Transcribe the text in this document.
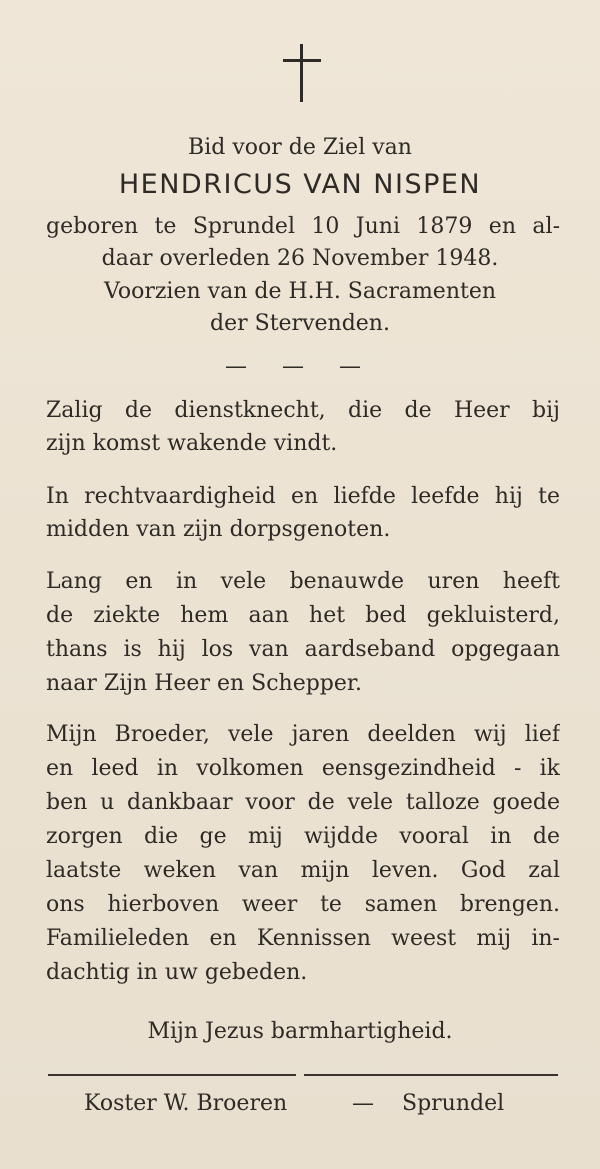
Bid voor de Ziel van
HENDRICUS VAN NISPEN
geboren te Sprundel 10 Juni 1879 en al-
daar overleden 26 November 1948.
Voorzien van de H.H. Sacramenten
der Stervenden.
— — —
Zalig de dienstknecht, die de Heer bij
zijn komst wakende vindt.
In rechtvaardigheid en liefde leefde hij te
midden van zijn dorpsgenoten.
Lang en in vele benauwde uren heeft
de ziekte hem aan het bed gekluisterd,
thans is hij los van aardseband opgegaan
naar Zijn Heer en Schepper.
Mijn Broeder, vele jaren deelden wij lief
en leed in volkomen eensgezindheid - ik
ben u dankbaar voor de vele talloze goede
zorgen die ge mij wijdde vooral in de
laatste weken van mijn leven. God zal
ons hierboven weer te samen brengen.
Familieleden en Kennissen weest mij in-
dachtig in uw gebeden.
Mijn Jezus barmhartigheid.
Koster W. Broeren	— Sprundel
